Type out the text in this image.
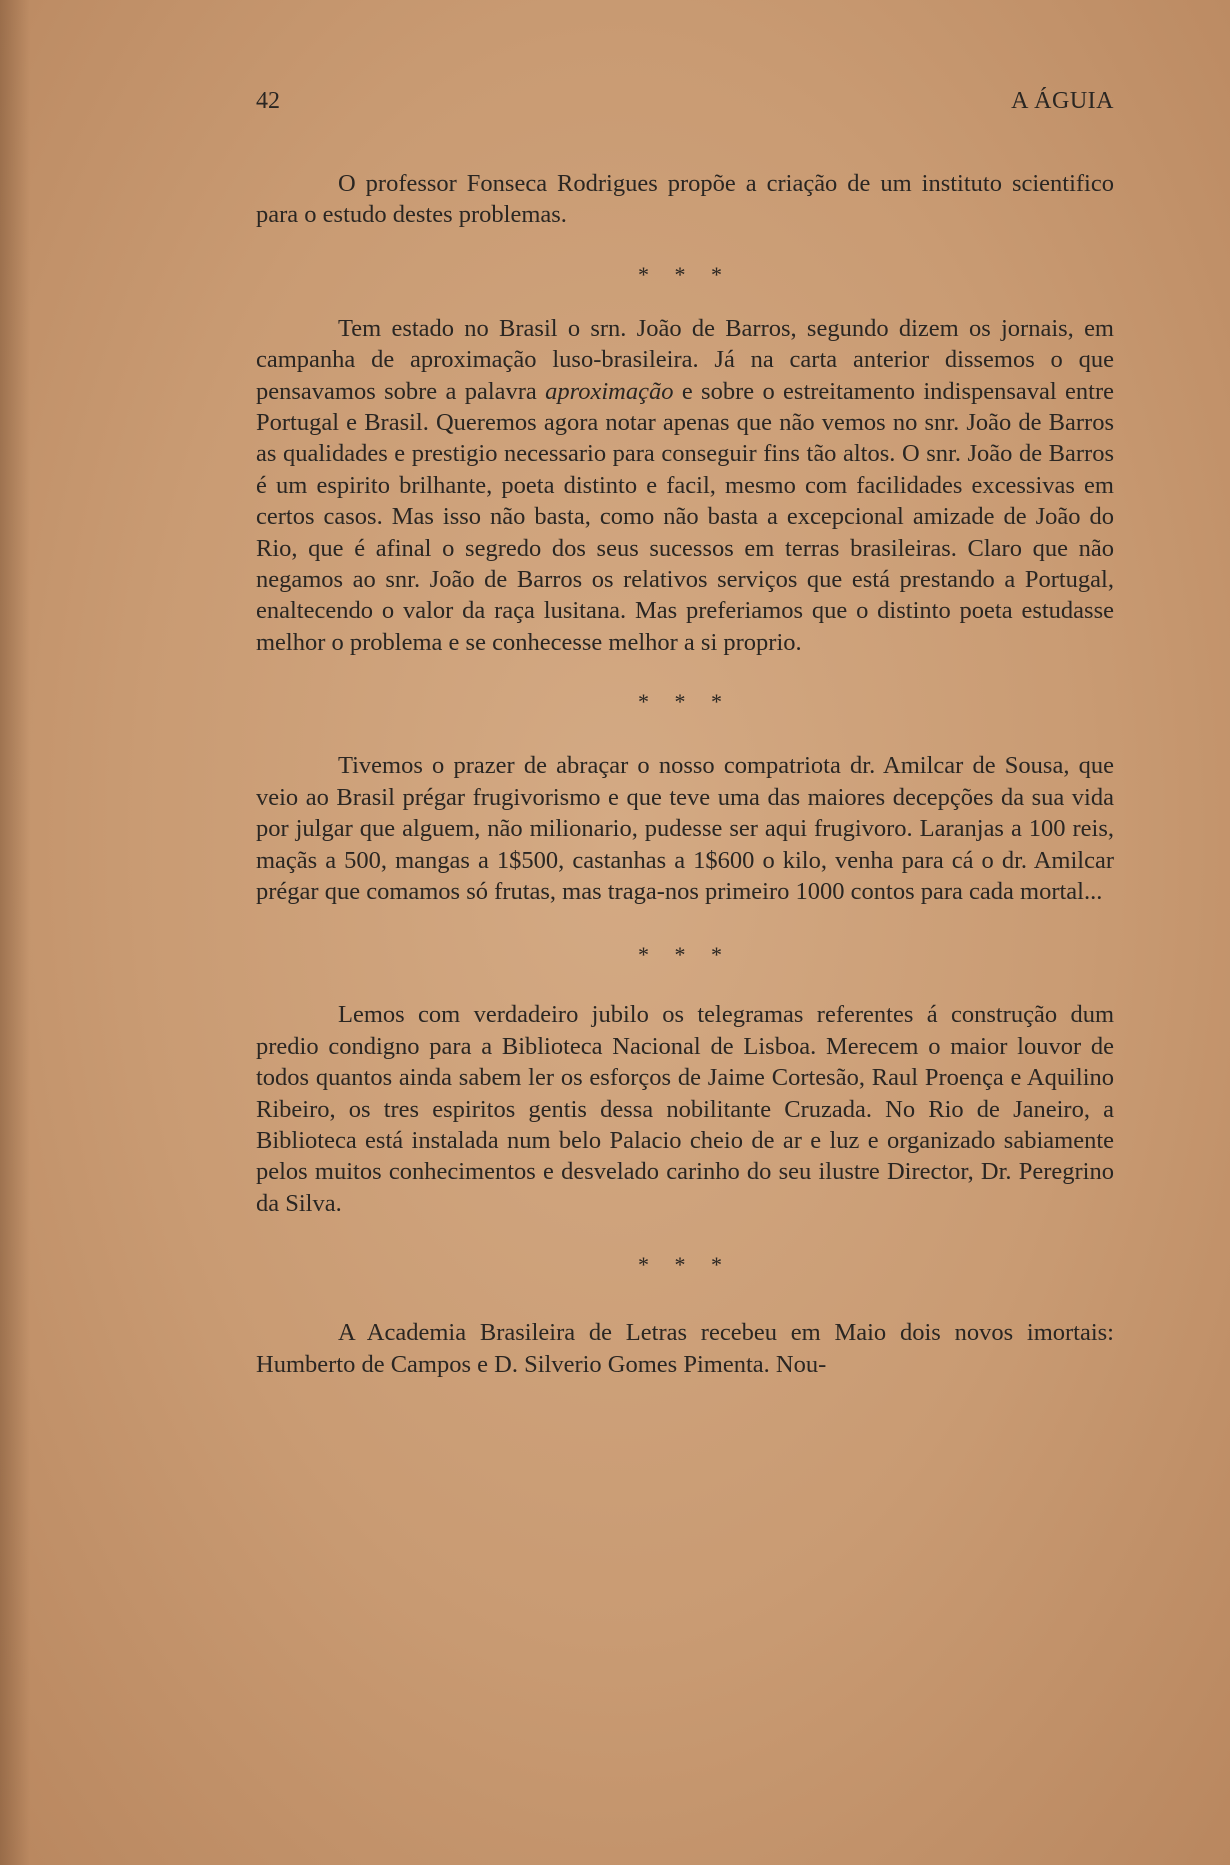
42	A ÁGUIA

O professor Fonseca Rodrigues propõe a criação de um instituto scientifico para o estudo destes problemas.

* * *

Tem estado no Brasil o srn. João de Barros, segundo dizem os jornais, em campanha de aproximação luso-brasileira. Já na carta anterior dissemos o que pensavamos sobre a palavra aproximação e sobre o estreitamento indispensaval entre Portugal e Brasil. Queremos agora notar apenas que não vemos no snr. João de Barros as qualidades e prestigio necessario para conseguir fins tão altos. O snr. João de Barros é um espirito brilhante, poeta distinto e facil, mesmo com facilidades excessivas em certos casos. Mas isso não basta, como não basta a excepcional amizade de João do Rio, que é afinal o segredo dos seus sucessos em terras brasileiras. Claro que não negamos ao snr. João de Barros os relativos serviços que está prestando a Portugal, enaltecendo o valor da raça lusitana. Mas preferiamos que o distinto poeta estudasse melhor o problema e se conhecesse melhor a si proprio.

* * *

Tivemos o prazer de abraçar o nosso compatriota dr. Amilcar de Sousa, que veio ao Brasil prégar frugivorismo e que teve uma das maiores decepções da sua vida por julgar que alguem, não milionario, pudesse ser aqui frugivoro. Laranjas a 100 reis, maçãs a 500, mangas a 1$500, castanhas a 1$600 o kilo, venha para cá o dr. Amilcar prégar que comamos só frutas, mas traga-nos primeiro 1000 contos para cada mortal...

* * *

Lemos com verdadeiro jubilo os telegramas referentes á construção dum predio condigno para a Biblioteca Nacional de Lisboa. Merecem o maior louvor de todos quantos ainda sabem ler os esforços de Jaime Cortesão, Raul Proença e Aquilino Ribeiro, os tres espiritos gentis dessa nobilitante Cruzada. No Rio de Janeiro, a Biblioteca está instalada num belo Palacio cheio de ar e luz e organizado sabiamente pelos muitos conhecimentos e desvelado carinho do seu ilustre Director, Dr. Peregrino da Silva.

* * *

A Academia Brasileira de Letras recebeu em Maio dois novos imortais: Humberto de Campos e D. Silverio Gomes Pimenta. Nou-
